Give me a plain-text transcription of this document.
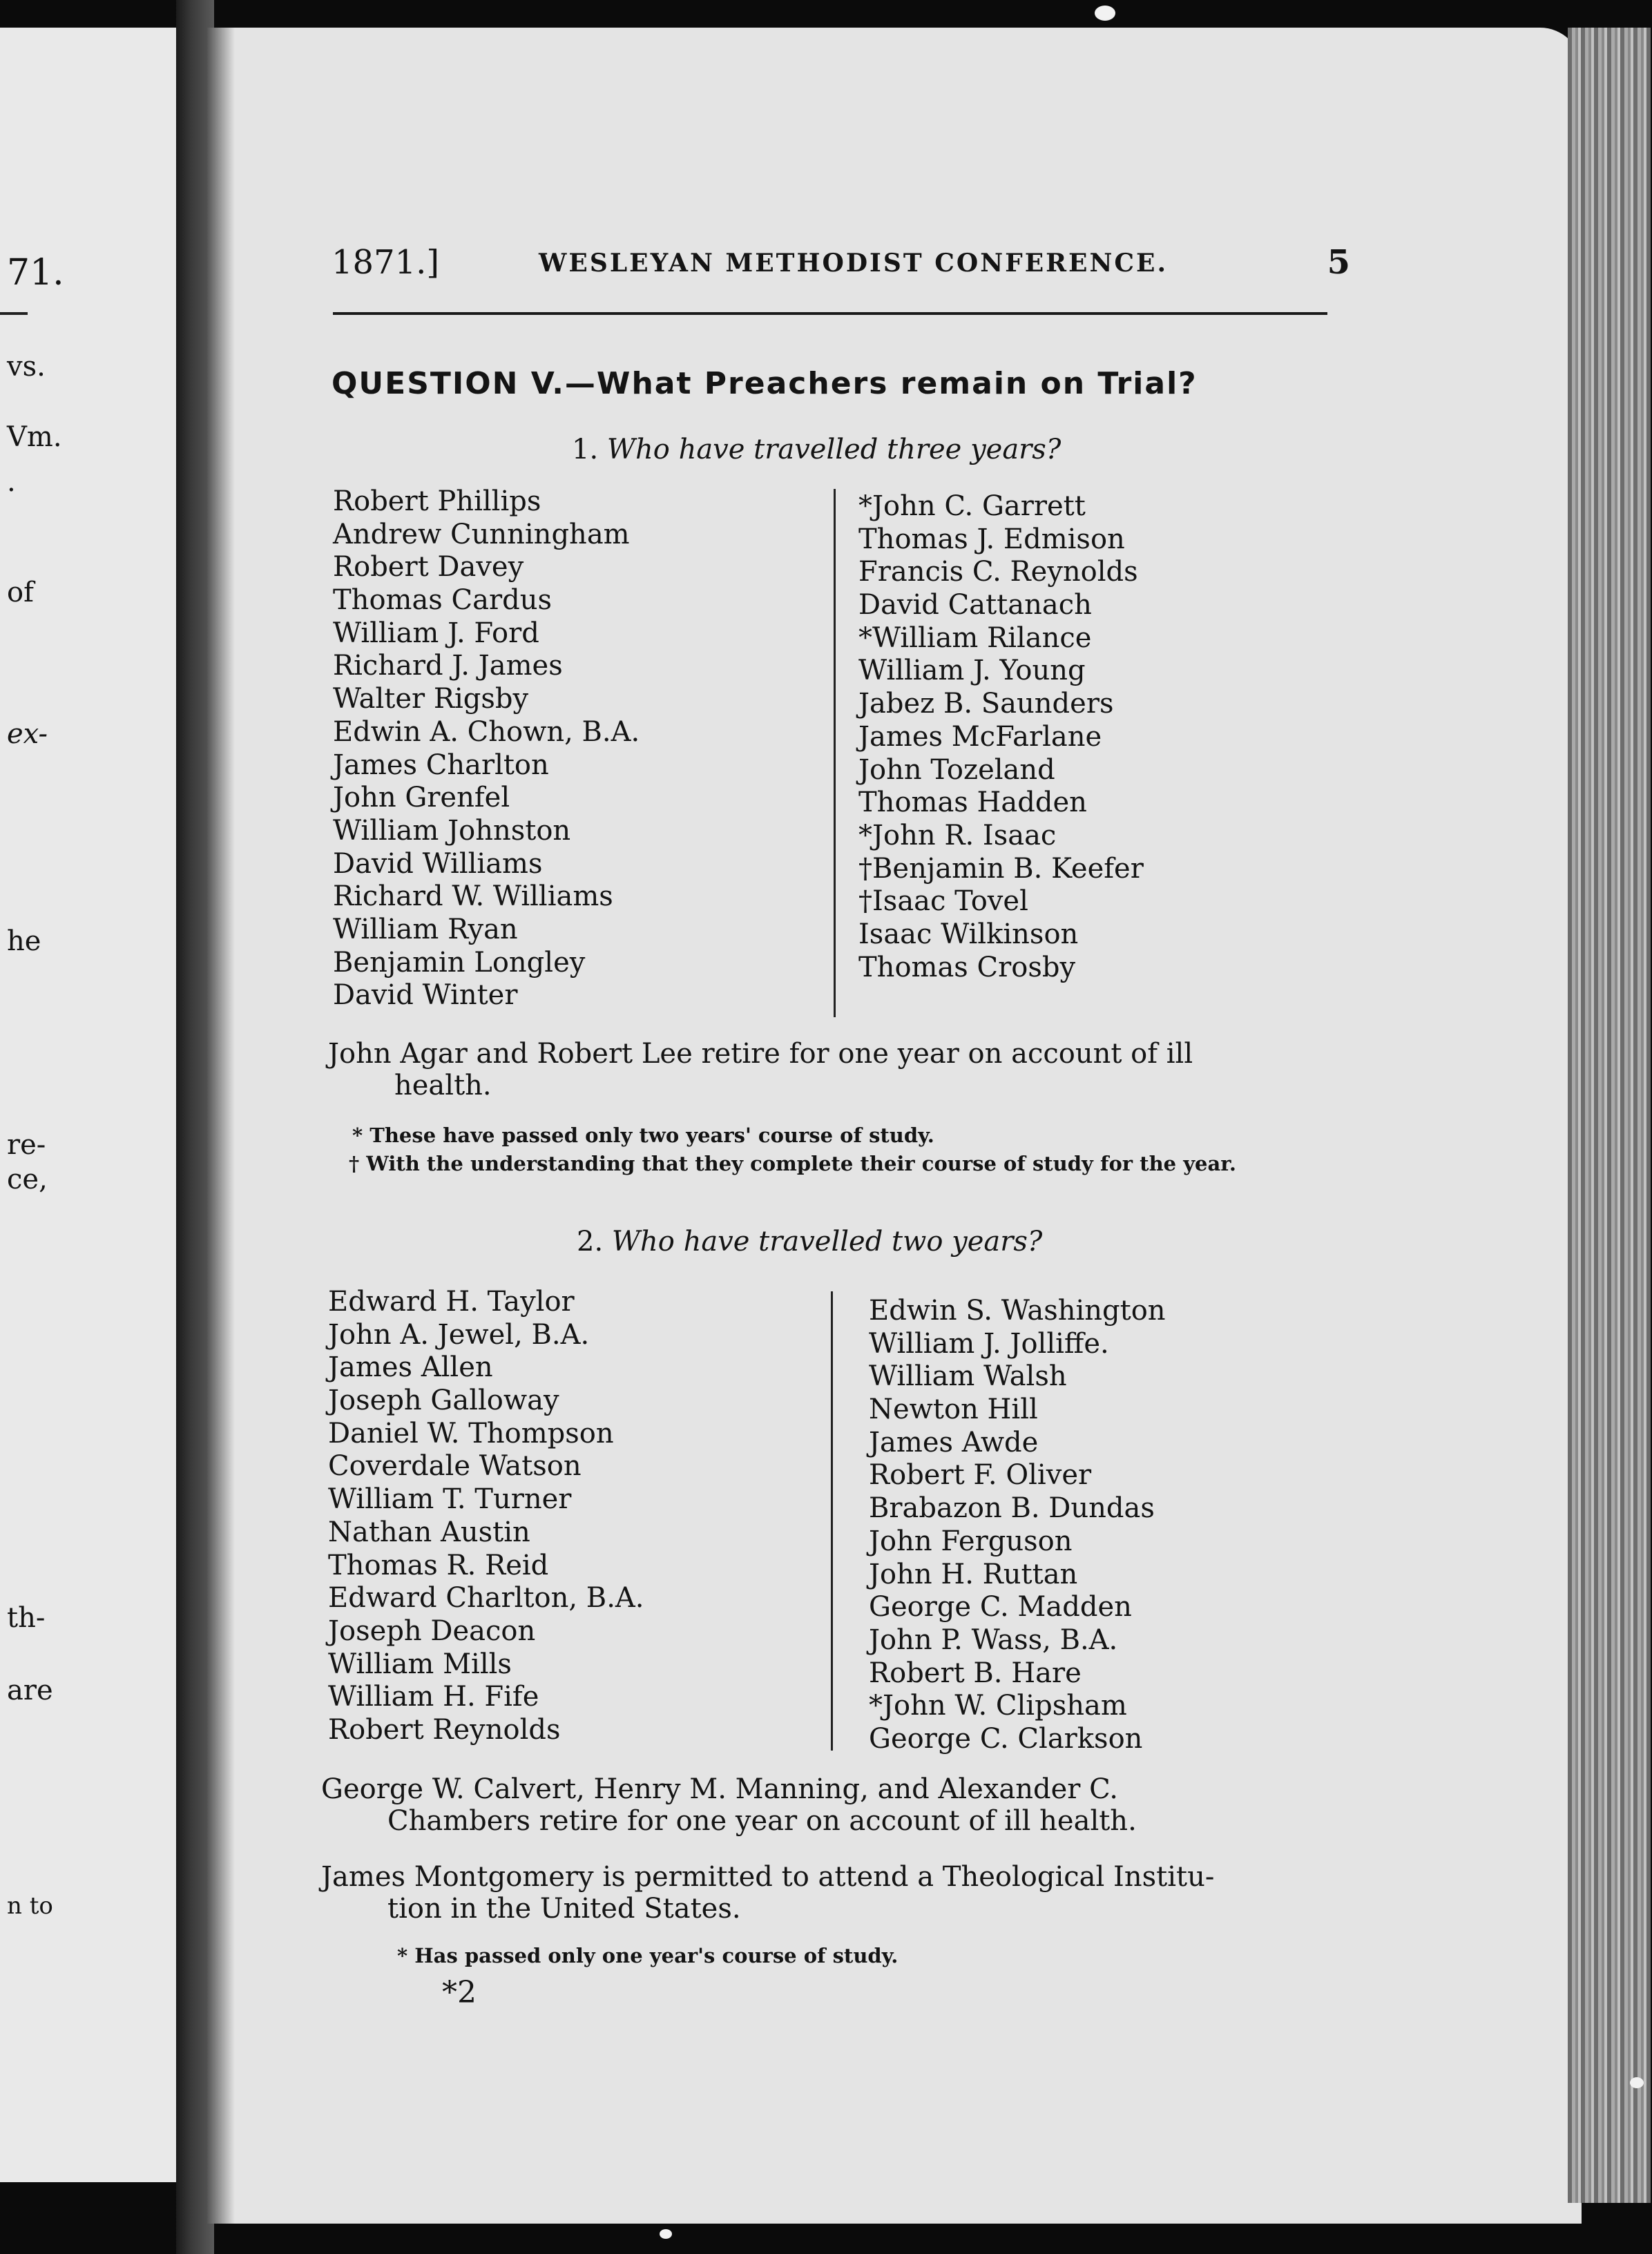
71.
vs.
Vm.
.
of
ex-
he
re-
ce,
th-
are
n to
1871.]	WESLEYAN METHODIST CONFERENCE.	5
QUESTION V.—What Preachers remain on Trial?
1. Who have travelled three years?
Robert Phillips
Andrew Cunningham
Robert Davey
Thomas Cardus
William J. Ford
Richard J. James
Walter Rigsby
Edwin A. Chown, B.A.
James Charlton
John Grenfel
William Johnston
David Williams
Richard W. Williams
William Ryan
Benjamin Longley
David Winter
*John C. Garrett
Thomas J. Edmison
Francis C. Reynolds
David Cattanach
*William Rilance
William J. Young
Jabez B. Saunders
James McFarlane
John Tozeland
Thomas Hadden
*John R. Isaac
†Benjamin B. Keefer
†Isaac Tovel
Isaac Wilkinson
Thomas Crosby
John Agar and Robert Lee retire for one year on account of ill
health.
* These have passed only two years' course of study.
† With the understanding that they complete their course of study for the year.
2. Who have travelled two years?
Edward H. Taylor
John A. Jewel, B.A.
James Allen
Joseph Galloway
Daniel W. Thompson
Coverdale Watson
William T. Turner
Nathan Austin
Thomas R. Reid
Edward Charlton, B.A.
Joseph Deacon
William Mills
William H. Fife
Robert Reynolds
Edwin S. Washington
William J. Jolliffe.
William Walsh
Newton Hill
James Awde
Robert F. Oliver
Brabazon B. Dundas
John Ferguson
John H. Ruttan
George C. Madden
John P. Wass, B.A.
Robert B. Hare
*John W. Clipsham
George C. Clarkson
George W. Calvert, Henry M. Manning, and Alexander C.
Chambers retire for one year on account of ill health.
James Montgomery is permitted to attend a Theological Institu-
tion in the United States.
* Has passed only one year's course of study.
*2
